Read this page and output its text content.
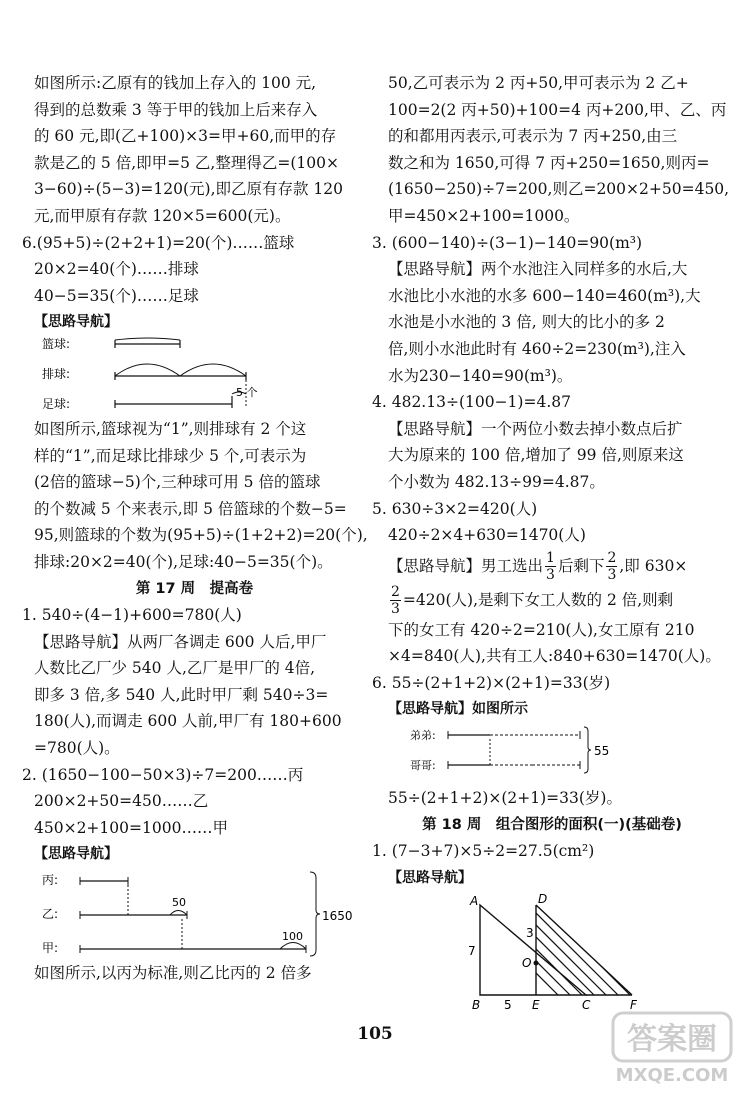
如图所示:乙原有的钱加上存入的 100 元,
得到的总数乘 3 等于甲的钱加上后来存入
的 60 元,即(乙+100)×3=甲+60,而甲的存
款是乙的 5 倍,即甲=5 乙,整理得乙=(100×
3−60)÷(5−3)=120(元),即乙原有存款 120
元,而甲原有存款 120×5=600(元)。
6.(95+5)÷(2+2+1)=20(个)……篮球
20×2=40(个)……排球
40−5=35(个)……足球
【思路导航】
篮球:
排球:
足球:
5 个
如图所示,篮球视为“1”,则排球有 2 个这
样的“1”,而足球比排球少 5 个,可表示为
(2倍的篮球−5)个,三种球可用 5 倍的篮球
的个数减 5 个来表示,即 5 倍篮球的个数−5=
95,则篮球的个数为(95+5)÷(1+2+2)=20(个),
排球:20×2=40(个),足球:40−5=35(个)。
第 17 周　提高卷
1. 540÷(4−1)+600=780(人)
【思路导航】从两厂各调走 600 人后,甲厂
人数比乙厂少 540 人,乙厂是甲厂的 4倍,
即多 3 倍,多 540 人,此时甲厂剩 540÷3=
180(人),而调走 600 人前,甲厂有 180+600
=780(人)。
2. (1650−100−50×3)÷7=200……丙
200×2+50=450……乙
450×2+100=1000……甲
【思路导航】
丙:
乙:
甲:
50
100
1650
如图所示,以丙为标准,则乙比丙的 2 倍多
50,乙可表示为 2 丙+50,甲可表示为 2 乙+
100=2(2 丙+50)+100=4 丙+200,甲、乙、丙
的和都用丙表示,可表示为 7 丙+250,由三
数之和为 1650,可得 7 丙+250=1650,则丙=
(1650−250)÷7=200,则乙=200×2+50=450,
甲=450×2+100=1000。
3. (600−140)÷(3−1)−140=90(m³)
【思路导航】两个水池注入同样多的水后,大
水池比小水池的水多 600−140=460(m³),大
水池是小水池的 3 倍, 则大的比小的多 2
倍,则小水池此时有 460÷2=230(m³),注入
水为230−140=90(m³)。
4. 482.13÷(100−1)=4.87
【思路导航】一个两位小数去掉小数点后扩
大为原来的 100 倍,增加了 99 倍,则原来这
个小数为 482.13÷99=4.87。
5. 630÷3×2=420(人)
420÷2×4+630=1470(人)
【思路导航】男工选出 $\frac{1}{3}$ 后剩下 $\frac{2}{3}$ ,即 630×
$\frac{2}{3} =420$(人),是剩下女工人数的 2 倍,则剩
下的女工有 420÷2=210(人),女工原有 210
×4=840(人),共有工人:840+630=1470(人)。
6. 55÷(2+1+2)×(2+1)=33(岁)
【思路导航】如图所示
弟弟:
哥哥:
55
55÷(2+1+2)×(2+1)=33(岁)。
第 18 周　组合图形的面积(一)(基础卷)
1. (7−3+7)×5÷2=27.5(cm²)
【思路导航】
A
B	C
D
E	F
O
7
5
3
105	答案圈
MXQE.COM
